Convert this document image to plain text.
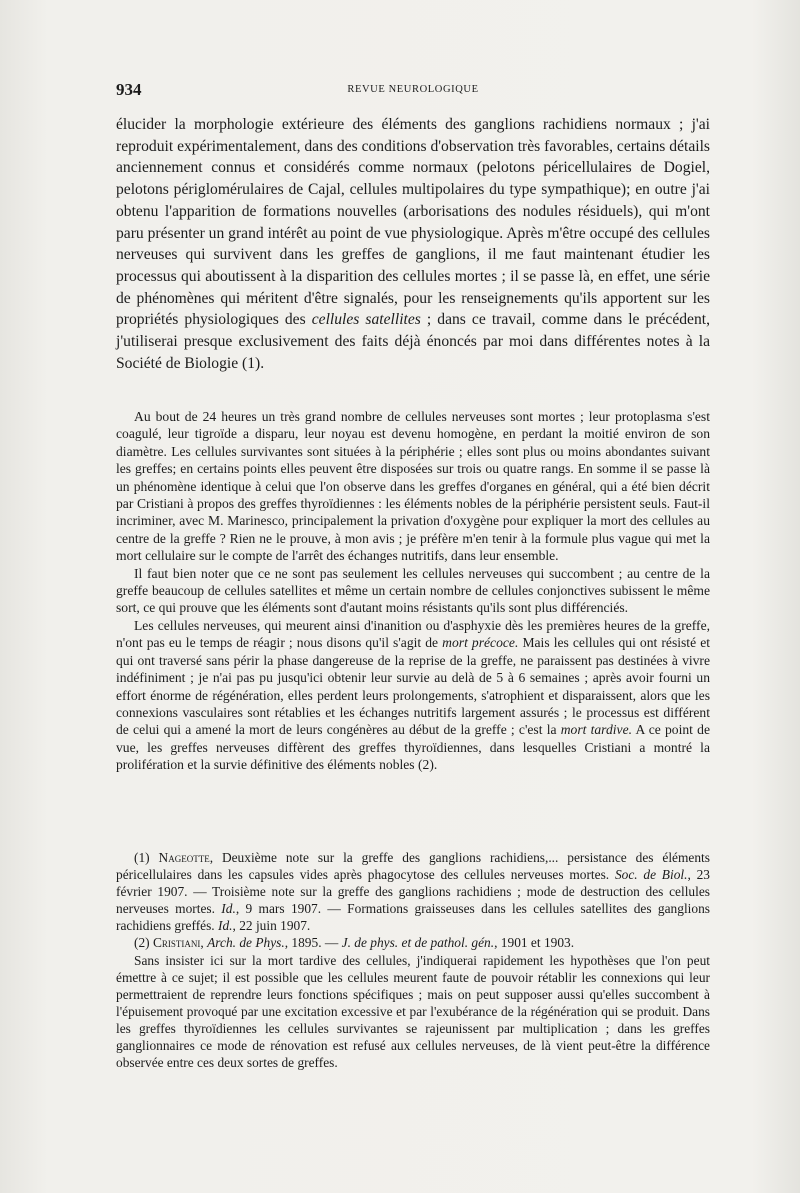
934	REVUE NEUROLOGIQUE

élucider la morphologie extérieure des éléments des ganglions rachidiens normaux ; j'ai reproduit expérimentalement, dans des conditions d'observation très favorables, certains détails anciennement connus et considérés comme normaux (pelotons péricellulaires de Dogiel, pelotons périglomérulaires de Cajal, cellules multipolaires du type sympathique); en outre j'ai obtenu l'apparition de formations nouvelles (arborisations des nodules résiduels), qui m'ont paru présenter un grand intérêt au point de vue physiologique. Après m'être occupé des cellules nerveuses qui survivent dans les greffes de ganglions, il me faut maintenant étudier les processus qui aboutissent à la disparition des cellules mortes ; il se passe là, en effet, une série de phénomènes qui méritent d'être signalés, pour les renseignements qu'ils apportent sur les propriétés physiologiques des cellules satellites ; dans ce travail, comme dans le précédent, j'utiliserai presque exclusivement des faits déjà énoncés par moi dans différentes notes à la Société de Biologie (1).

Au bout de 24 heures un très grand nombre de cellules nerveuses sont mortes ; leur protoplasma s'est coagulé, leur tigroïde a disparu, leur noyau est devenu homogène, en perdant la moitié environ de son diamètre. Les cellules survivantes sont situées à la périphérie ; elles sont plus ou moins abondantes suivant les greffes; en certains points elles peuvent être disposées sur trois ou quatre rangs. En somme il se passe là un phénomène identique à celui que l'on observe dans les greffes d'organes en général, qui a été bien décrit par Cristiani à propos des greffes thyroïdiennes : les éléments nobles de la périphérie persistent seuls. Faut-il incriminer, avec M. Marinesco, principalement la privation d'oxygène pour expliquer la mort des cellules au centre de la greffe ? Rien ne le prouve, à mon avis ; je préfère m'en tenir à la formule plus vague qui met la mort cellulaire sur le compte de l'arrêt des échanges nutritifs, dans leur ensemble.

Il faut bien noter que ce ne sont pas seulement les cellules nerveuses qui succombent ; au centre de la greffe beaucoup de cellules satellites et même un certain nombre de cellules conjonctives subissent le même sort, ce qui prouve que les éléments sont d'autant moins résistants qu'ils sont plus différenciés.

Les cellules nerveuses, qui meurent ainsi d'inanition ou d'asphyxie dès les premières heures de la greffe, n'ont pas eu le temps de réagir ; nous disons qu'il s'agit de mort précoce. Mais les cellules qui ont résisté et qui ont traversé sans périr la phase dangereuse de la reprise de la greffe, ne paraissent pas destinées à vivre indéfiniment ; je n'ai pas pu jusqu'ici obtenir leur survie au delà de 5 à 6 semaines ; après avoir fourni un effort énorme de régénération, elles perdent leurs prolongements, s'atrophient et disparaissent, alors que les connexions vasculaires sont rétablies et les échanges nutritifs largement assurés ; le processus est différent de celui qui a amené la mort de leurs congénères au début de la greffe ; c'est la mort tardive. A ce point de vue, les greffes nerveuses diffèrent des greffes thyroïdiennes, dans lesquelles Cristiani a montré la prolifération et la survie définitive des éléments nobles (2).

(1) Nageotte, Deuxième note sur la greffe des ganglions rachidiens,... persistance des éléments péricellulaires dans les capsules vides après phagocytose des cellules nerveuses mortes. Soc. de Biol., 23 février 1907. — Troisième note sur la greffe des ganglions rachidiens ; mode de destruction des cellules nerveuses mortes. Id., 9 mars 1907. — Formations graisseuses dans les cellules satellites des ganglions rachidiens greffés. Id., 22 juin 1907.

(2) Cristiani, Arch. de Phys., 1895. — J. de phys. et de pathol. gén., 1901 et 1903.

Sans insister ici sur la mort tardive des cellules, j'indiquerai rapidement les hypothèses que l'on peut émettre à ce sujet; il est possible que les cellules meurent faute de pouvoir rétablir les connexions qui leur permettraient de reprendre leurs fonctions spécifiques ; mais on peut supposer aussi qu'elles succombent à l'épuisement provoqué par une excitation excessive et par l'exubérance de la régénération qui se produit. Dans les greffes thyroïdiennes les cellules survivantes se rajeunissent par multiplication ; dans les greffes ganglionnaires ce mode de rénovation est refusé aux cellules nerveuses, de là vient peut-être la différence observée entre ces deux sortes de greffes.
